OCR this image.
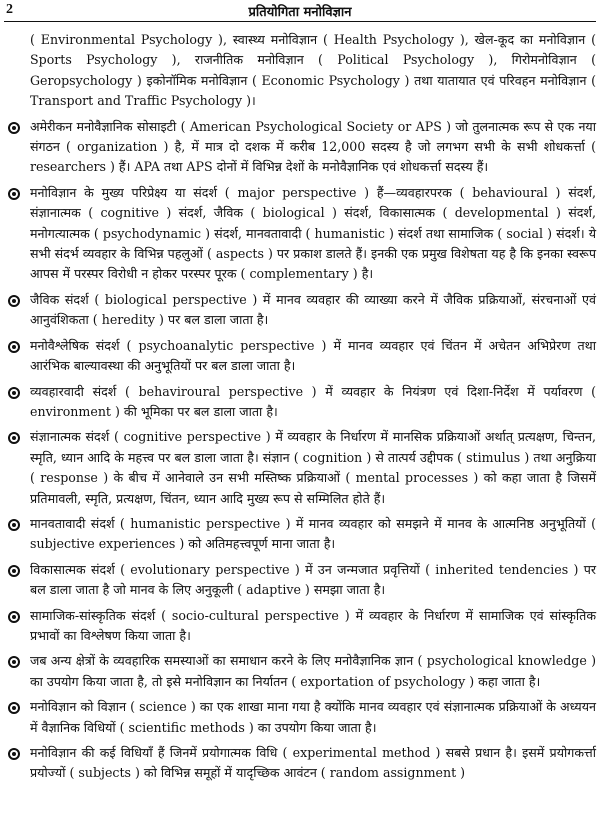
2	प्रतियोगिता मनोविज्ञान

( Environmental Psychology ), स्वास्थ्य मनोविज्ञान ( Health Psychology ), खेल-कूद का मनोविज्ञान ( Sports Psychology ), राजनीतिक मनोविज्ञान ( Political Psychology ), गिरोमनोविज्ञान ( Geropsychology ) इकोनॉमिक मनोविज्ञान ( Economic Psychology ) तथा यातायात एवं परिवहन मनोविज्ञान ( Transport and Traffic Psychology )।

अमेरीकन मनोवैज्ञानिक सोसाइटी ( American Psychological Society or APS ) जो तुलनात्मक रूप से एक नया संगठन ( organization ) है, में मात्र दो दशक में करीब 12,000 सदस्य है जो लगभग सभी के सभी शोधकर्त्ता ( researchers ) हैं। APA तथा APS दोनों में विभिन्न देशों के मनोवैज्ञानिक एवं शोधकर्त्ता सदस्य हैं।
मनोविज्ञान के मुख्य परिप्रेक्ष्य या संदर्श ( major perspective ) हैं—व्यवहारपरक ( behavioural ) संदर्श, संज्ञानात्मक ( cognitive ) संदर्श, जैविक ( biological ) संदर्श, विकासात्मक ( developmental ) संदर्श, मनोगत्यात्मक ( psychodynamic ) संदर्श, मानवतावादी ( humanistic ) संदर्श तथा सामाजिक ( social ) संदर्श। ये सभी संदर्भ व्यवहार के विभिन्न पहलुओं ( aspects ) पर प्रकाश डालते हैं। इनकी एक प्रमुख विशेषता यह है कि इनका स्वरूप आपस में परस्पर विरोधी न होकर परस्पर पूरक ( complementary ) है।
जैविक संदर्श ( biological perspective ) में मानव व्यवहार की व्याख्या करने में जैविक प्रक्रियाओं, संरचनाओं एवं आनुवंशिकता ( heredity ) पर बल डाला जाता है।
मनोवैश्लेषिक संदर्श ( psychoanalytic perspective ) में मानव व्यवहार एवं चिंतन में अचेतन अभिप्रेरण तथा आरंभिक बाल्यावस्था की अनुभूतियों पर बल डाला जाता है।
व्यवहारवादी संदर्श ( behaviroural perspective ) में व्यवहार के नियंत्रण एवं दिशा-निर्देश में पर्यावरण ( environment ) की भूमिका पर बल डाला जाता है।
संज्ञानात्मक संदर्श ( cognitive perspective ) में व्यवहार के निर्धारण में मानसिक प्रक्रियाओं अर्थात् प्रत्यक्षण, चिन्तन, स्मृति, ध्यान आदि के महत्त्व पर बल डाला जाता है। संज्ञान ( cognition ) से तात्पर्य उद्दीपक ( stimulus ) तथा अनुक्रिया ( response ) के बीच में आनेवाले उन सभी मस्तिष्क प्रक्रियाओं ( mental processes ) को कहा जाता है जिसमें प्रतिमावली, स्मृति, प्रत्यक्षण, चिंतन, ध्यान आदि मुख्य रूप से सम्मिलित होते हैं।
मानवतावादी संदर्श ( humanistic perspective ) में मानव व्यवहार को समझने में मानव के आत्मनिष्ठ अनुभूतियों ( subjective experiences ) को अतिमहत्त्वपूर्ण माना जाता है।
विकासात्मक संदर्श ( evolutionary perspective ) में उन जन्मजात प्रवृत्तियों ( inherited tendencies ) पर बल डाला जाता है जो मानव के लिए अनुकूली ( adaptive ) समझा जाता है।
सामाजिक-सांस्कृतिक संदर्श ( socio-cultural perspective ) में व्यवहार के निर्धारण में सामाजिक एवं सांस्कृतिक प्रभावों का विश्लेषण किया जाता है।
जब अन्य क्षेत्रों के व्यवहारिक समस्याओं का समाधान करने के लिए मनोवैज्ञानिक ज्ञान ( psychological knowledge ) का उपयोग किया जाता है, तो इसे मनोविज्ञान का निर्यातन ( exportation of psychology ) कहा जाता है।
मनोविज्ञान को विज्ञान ( science ) का एक शाखा माना गया है क्योंकि मानव व्यवहार एवं संज्ञानात्मक प्रक्रियाओं के अध्ययन में वैज्ञानिक विधियों ( scientific methods ) का उपयोग किया जाता है।
मनोविज्ञान की कई विधियाँ हैं जिनमें प्रयोगात्मक विधि ( experimental method ) सबसे प्रधान है। इसमें प्रयोगकर्त्ता प्रयोज्यों ( subjects ) को विभिन्न समूहों में यादृच्छिक आवंटन ( random assignment )
